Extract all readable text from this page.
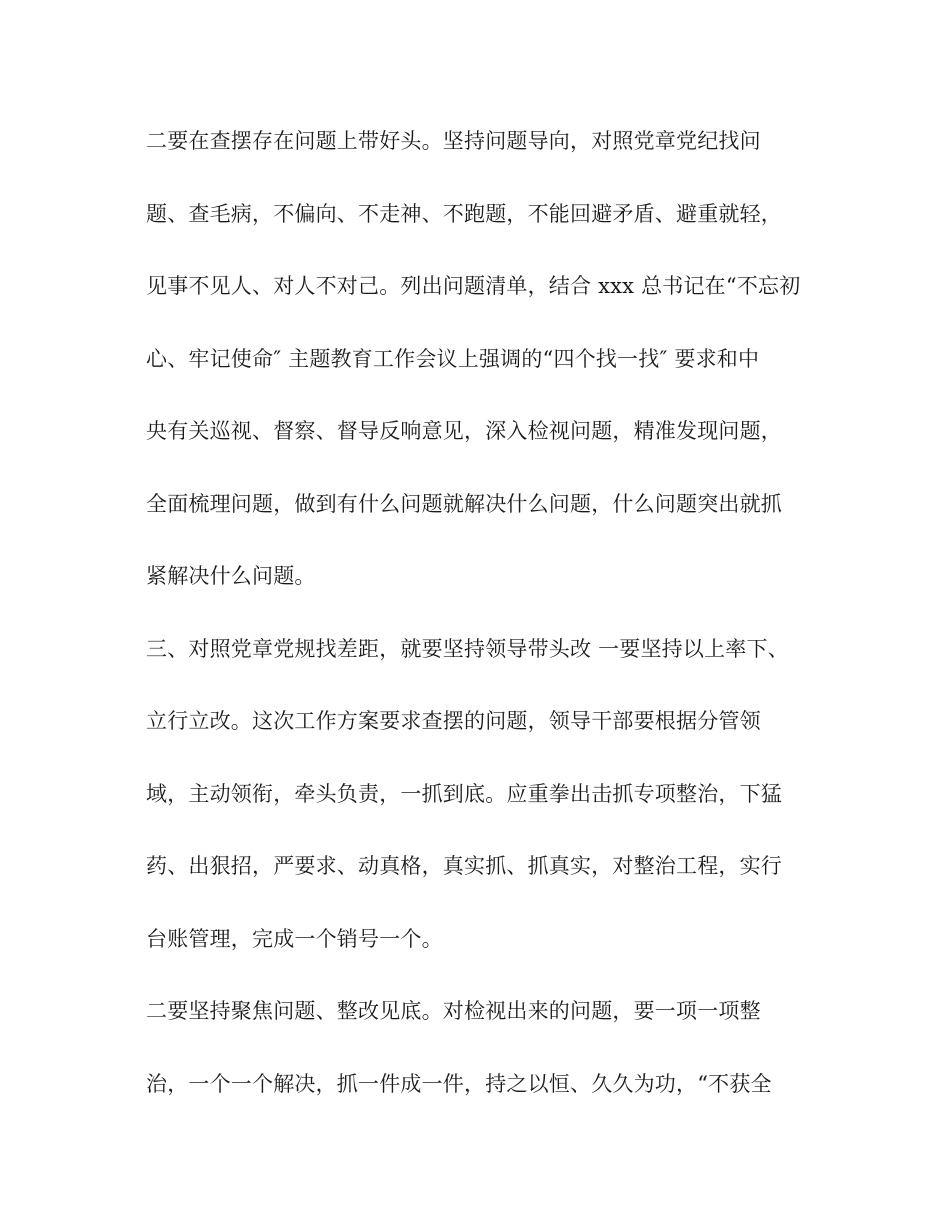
二要在查摆存在问题上带好头。坚持问题导向，对照党章党纪找问
题、查毛病，不偏向、不走神、不跑题，不能回避矛盾、避重就轻，
见事不见人、对人不对己。列出问题清单，结合 xxx 总书记在“不忘初
心、牢记使命″ 主题教育工作会议上强调的“四个找一找″ 要求和中
央有关巡视、督察、督导反响意见，深入检视问题，精准发现问题，
全面梳理问题，做到有什么问题就解决什么问题，什么问题突出就抓
紧解决什么问题。
三、对照党章党规找差距，就要坚持领导带头改 一要坚持以上率下、
立行立改。这次工作方案要求查摆的问题，领导干部要根据分管领
域，主动领衔，牵头负责，一抓到底。应重拳出击抓专项整治，下猛
药、出狠招，严要求、动真格，真实抓、抓真实，对整治工程，实行
台账管理，完成一个销号一个。
二要坚持聚焦问题、整改见底。对检视出来的问题，要一项一项整
治，一个一个解决，抓一件成一件，持之以恒、久久为功，“不获全
